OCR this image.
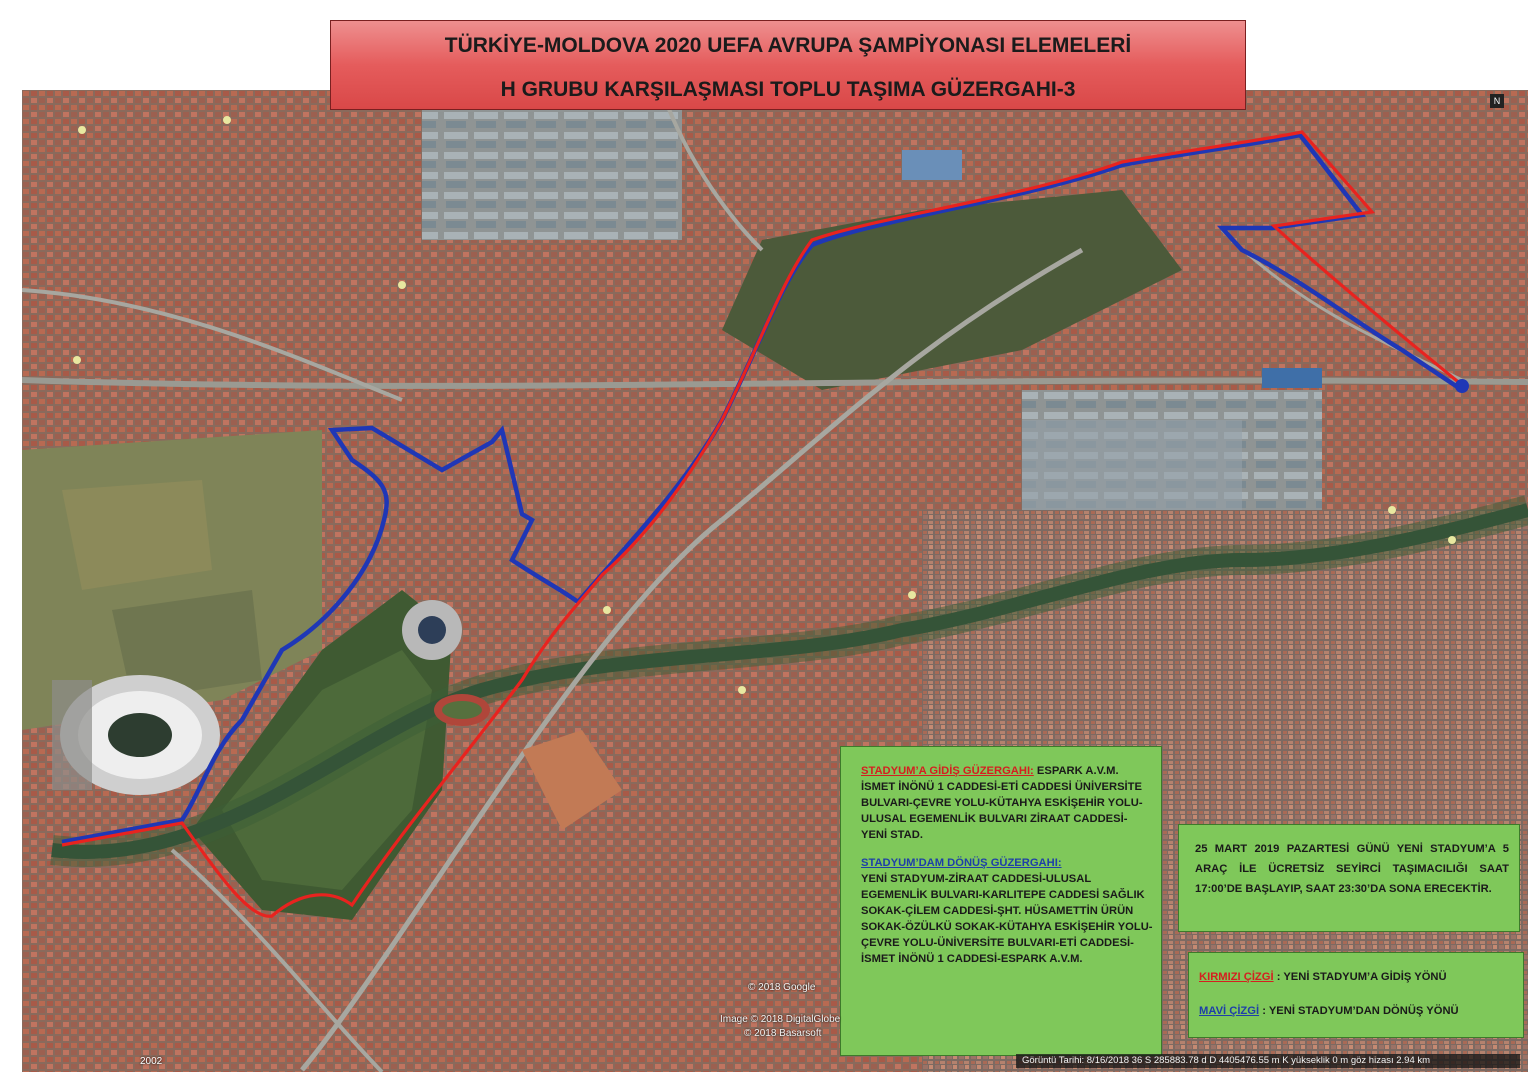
TÜRKİYE-MOLDOVA 2020 UEFA AVRUPA ŞAMPİYONASI ELEMELERİ
H GRUBU KARŞILAŞMASI TOPLU TAŞIMA GÜZERGAHI-3	N

STADYUM’A GİDİŞ GÜZERGAHI: ESPARK A.V.M. İSMET İNÖNÜ 1 CADDESİ-ETİ CADDESİ ÜNİVERSİTE BULVARI-ÇEVRE YOLU-KÜTAHYA ESKİŞEHİR YOLU-ULUSAL EGEMENLİK BULVARI ZİRAAT CADDESİ-YENİ STAD.

STADYUM’DAM DÖNÜŞ GÜZERGAHI:
YENİ STADYUM-ZİRAAT CADDESİ-ULUSAL EGEMENLİK BULVARI-KARLITEPE CADDESİ SAĞLIK SOKAK-ÇİLEM CADDESİ-ŞHT. HÜSAMETTİN ÜRÜN SOKAK-ÖZÜLKÜ SOKAK-KÜTAHYA ESKİŞEHİR YOLU-ÇEVRE YOLU-ÜNİVERSİTE BULVARI-ETİ CADDESİ-İSMET İNÖNÜ 1 CADDESİ-ESPARK A.V.M.

25 MART 2019 PAZARTESİ GÜNÜ YENİ STADYUM’A 5 ARAÇ İLE ÜCRETSİZ SEYİRCİ TAŞIMACILIĞI SAAT 17:00’DE BAŞLAYIP, SAAT 23:30’DA SONA ERECEKTİR.
KIRMIZI ÇİZGİ : YENİ STADYUM’A GİDİŞ YÖNÜ
MAVİ ÇİZGİ : YENİ STADYUM’DAN DÖNÜŞ YÖNÜ
© 2018 Google
Image © 2018 DigitalGlobe
© 2018 Basarsoft
2002	Görüntü Tarihi: 8/16/2018 36 S 285883.78 d D 4405476.55 m K yükseklik 0 m göz hizası 2.94 km
